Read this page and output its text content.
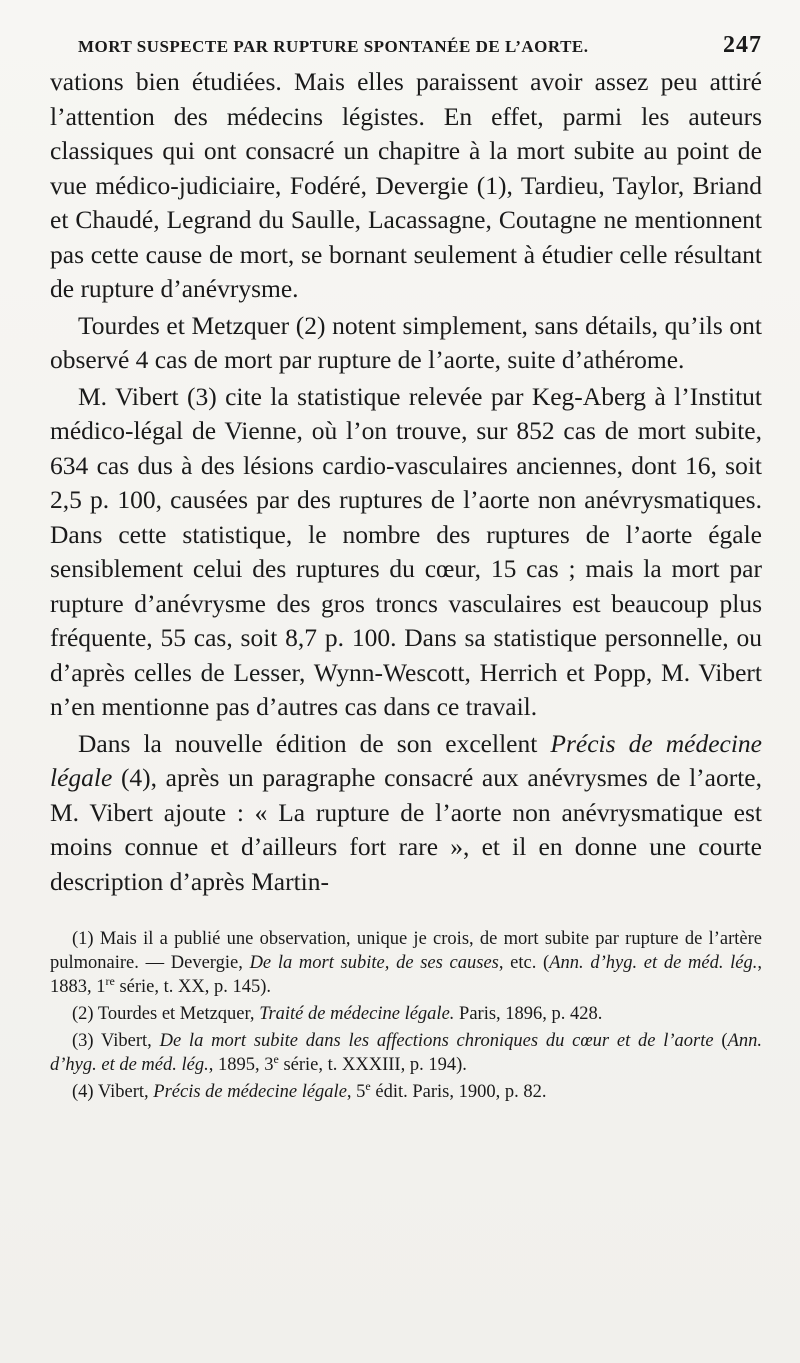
MORT SUSPECTE PAR RUPTURE SPONTANÉE DE L’AORTE.	247

vations bien étudiées. Mais elles paraissent avoir assez peu attiré l’attention des médecins légistes. En effet, parmi les auteurs classiques qui ont consacré un chapitre à la mort subite au point de vue médico-judiciaire, Fodéré, Devergie (1), Tardieu, Taylor, Briand et Chaudé, Legrand du Saulle, Lacassagne, Coutagne ne mentionnent pas cette cause de mort, se bornant seulement à étudier celle résultant de rupture d’anévrysme.

Tourdes et Metzquer (2) notent simplement, sans détails, qu’ils ont observé 4 cas de mort par rupture de l’aorte, suite d’athérome.

M. Vibert (3) cite la statistique relevée par Keg-Aberg à l’Institut médico-légal de Vienne, où l’on trouve, sur 852 cas de mort subite, 634 cas dus à des lésions cardio-vasculaires anciennes, dont 16, soit 2,5 p. 100, causées par des ruptures de l’aorte non anévrysmatiques. Dans cette statistique, le nombre des ruptures de l’aorte égale sensiblement celui des ruptures du cœur, 15 cas ; mais la mort par rupture d’anévrysme des gros troncs vasculaires est beaucoup plus fréquente, 55 cas, soit 8,7 p. 100. Dans sa statistique personnelle, ou d’après celles de Lesser, Wynn-Wescott, Herrich et Popp, M. Vibert n’en mentionne pas d’autres cas dans ce travail.

Dans la nouvelle édition de son excellent Précis de médecine légale (4), après un paragraphe consacré aux anévrysmes de l’aorte, M. Vibert ajoute : « La rupture de l’aorte non anévrysmatique est moins connue et d’ailleurs fort rare », et il en donne une courte description d’après Martin-

(1) Mais il a publié une observation, unique je crois, de mort subite par rupture de l’artère pulmonaire. — Devergie, De la mort subite, de ses causes, etc. (Ann. d’hyg. et de méd. lég., 1883, 1re série, t. XX, p. 145).

(2) Tourdes et Metzquer, Traité de médecine légale. Paris, 1896, p. 428.

(3) Vibert, De la mort subite dans les affections chroniques du cœur et de l’aorte (Ann. d’hyg. et de méd. lég., 1895, 3e série, t. XXXIII, p. 194).

(4) Vibert, Précis de médecine légale, 5e édit. Paris, 1900, p. 82.
